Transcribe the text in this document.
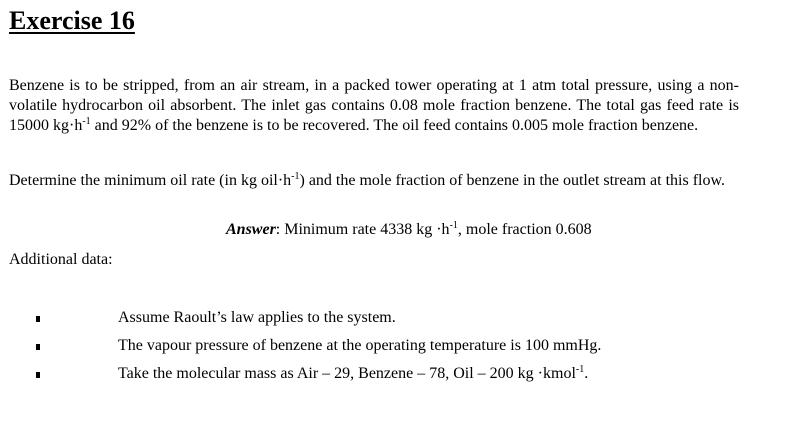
Exercise 16

Benzene is to be stripped, from an air stream, in a packed tower operating at 1 atm total pressure, using a non-volatile hydrocarbon oil absorbent. The inlet gas contains 0.08 mole fraction benzene. The total gas feed rate is 15000 $kg\cdot h^{-1}$ and 92% of the benzene is to be recovered. The oil feed contains 0.005 mole fraction benzene.

Determine the minimum oil rate (in kg $oil\cdot h^{-1}$) and the mole fraction of benzene in the outlet stream at this flow.

Answer: Minimum rate 4338 kg $\cdot h^{-1}$, mole fraction 0.608
Additional data:
Assume Raoult’s law applies to the system.
The vapour pressure of benzene at the operating temperature is 100 mmHg.
Take the molecular mass as Air – 29, Benzene – 78, Oil – 200 kg ·kmol$^{-1}$.
